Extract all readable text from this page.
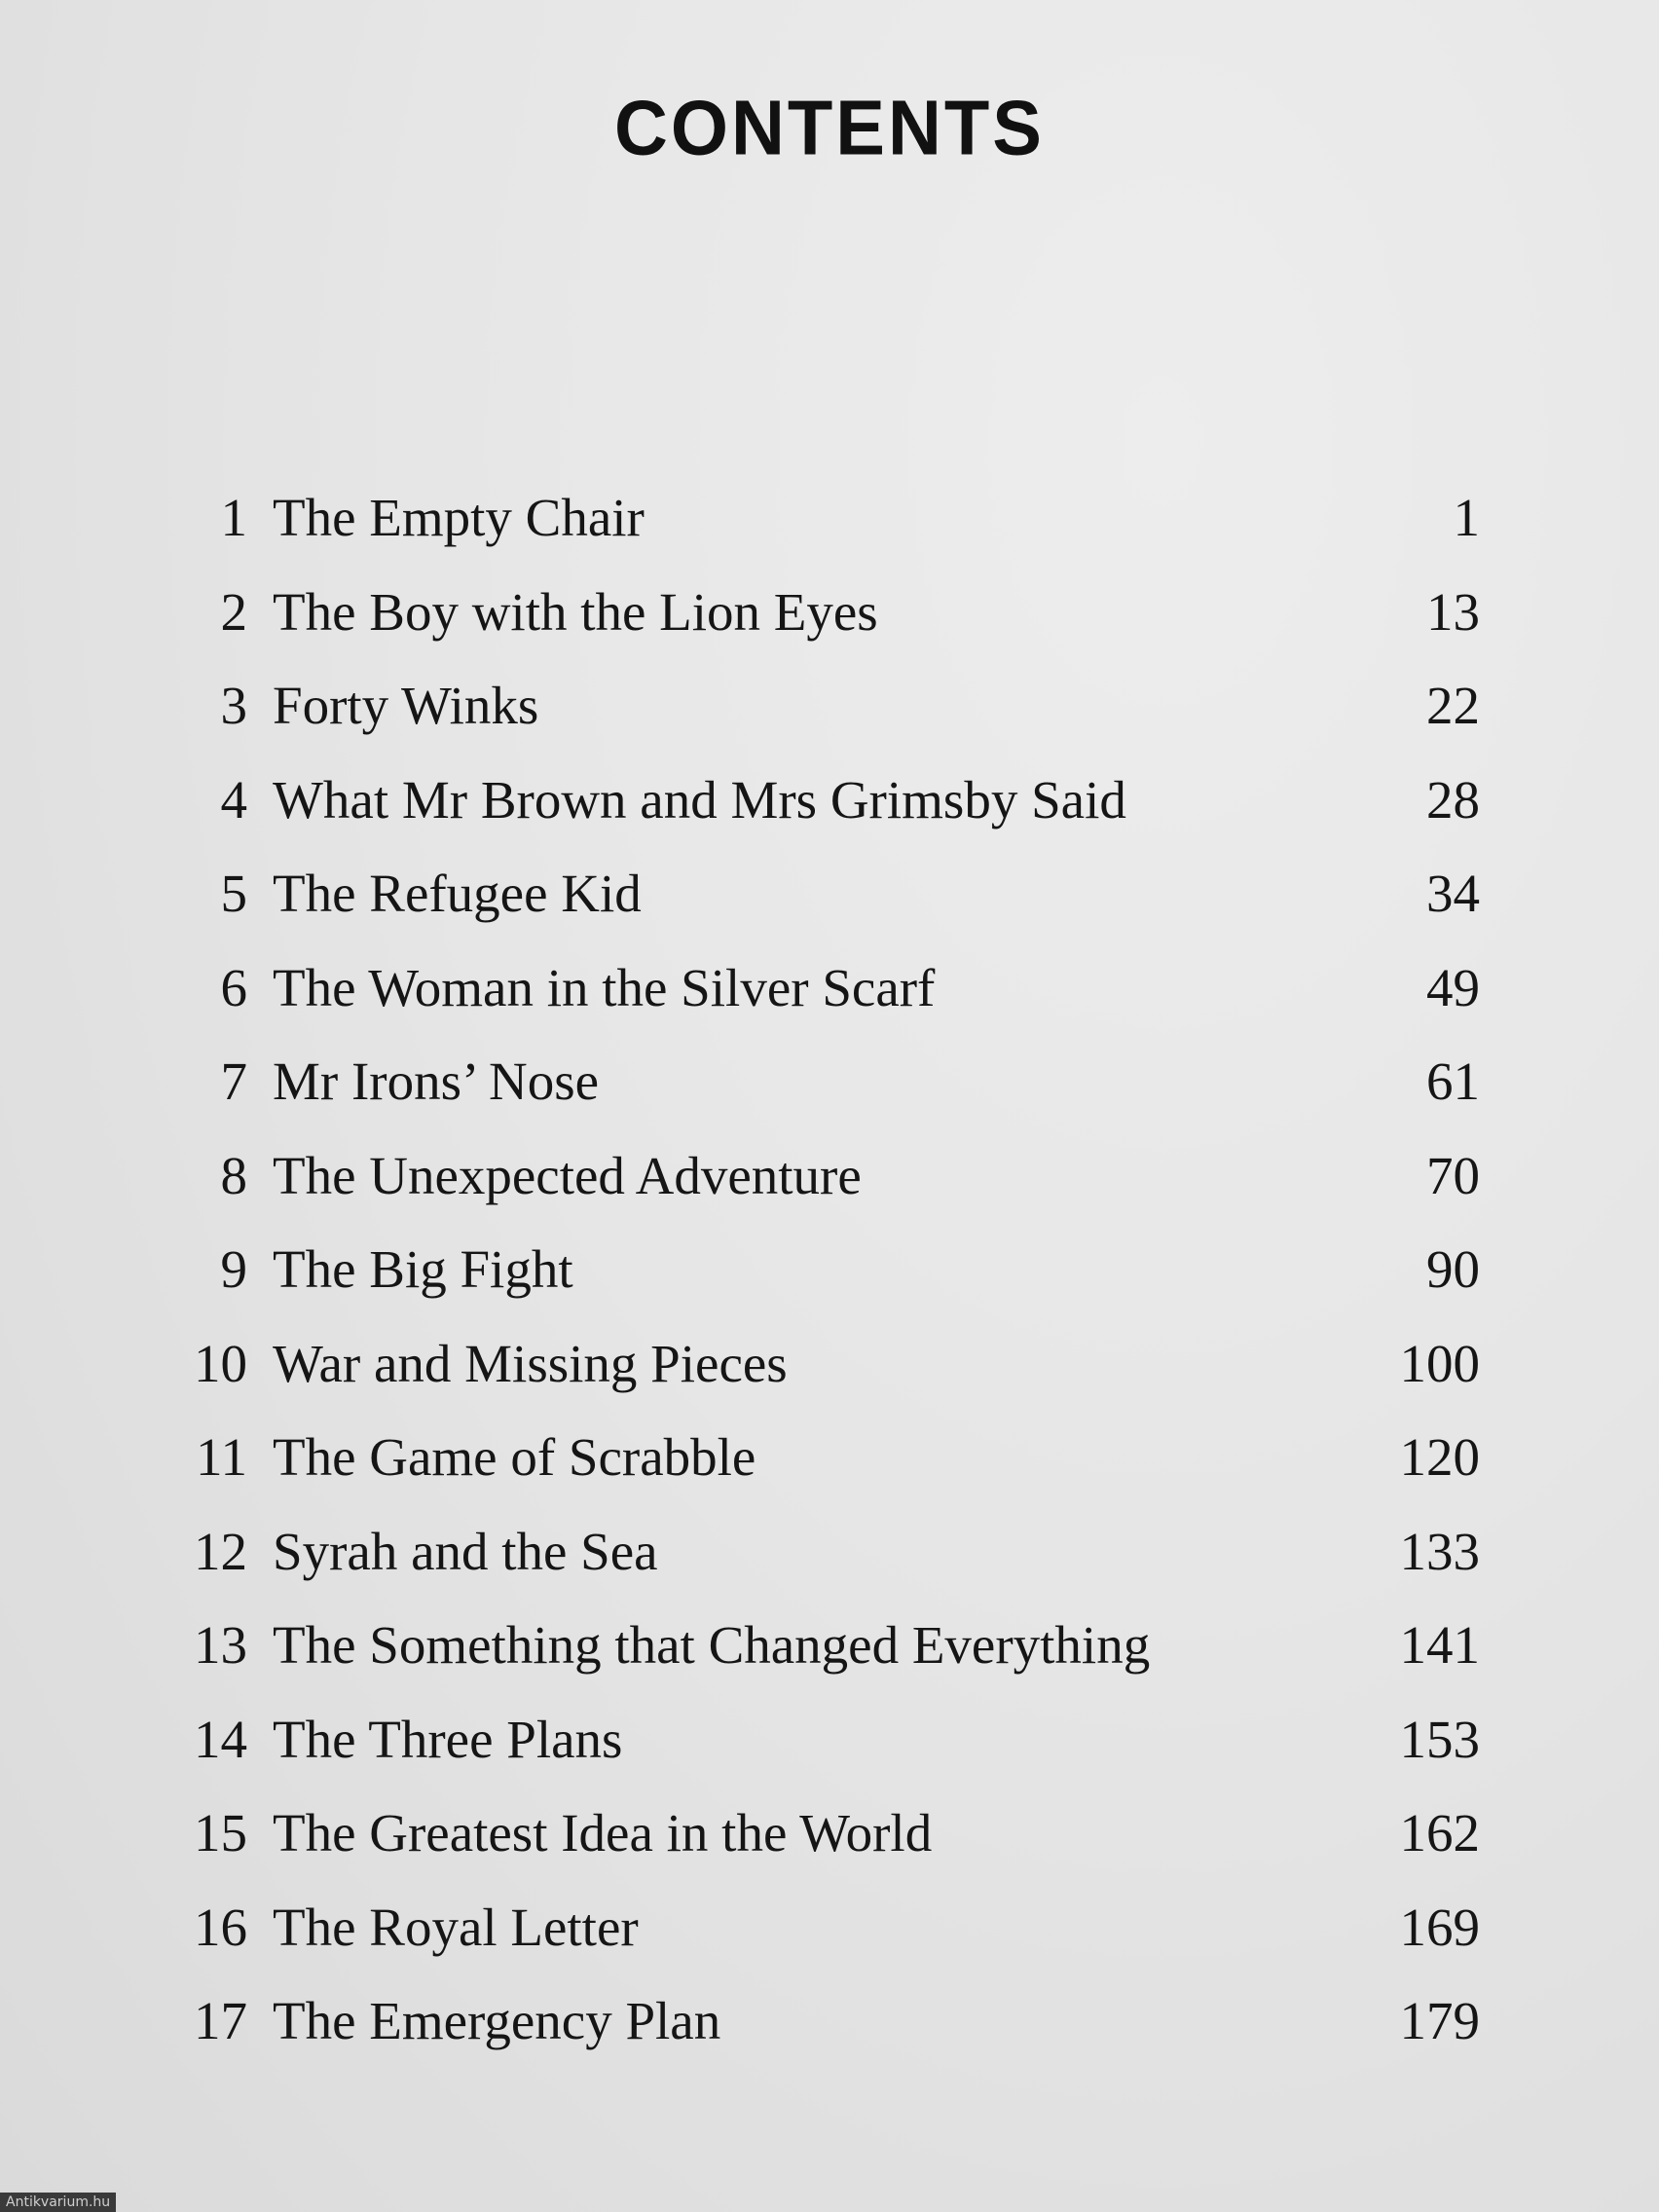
CONTENTS
1 The Empty Chair	1
2 The Boy with the Lion Eyes	13
3 Forty Winks	22
4 What Mr Brown and Mrs Grimsby Said	28
5 The Refugee Kid	34
6 The Woman in the Silver Scarf	49
7 Mr Irons’ Nose	61
8 The Unexpected Adventure	70
9 The Big Fight	90
10 War and Missing Pieces	100
11 The Game of Scrabble	120
12 Syrah and the Sea	133
13 The Something that Changed Everything	141
14 The Three Plans	153
15 The Greatest Idea in the World	162
16 The Royal Letter	169
17 The Emergency Plan	179
Antikvarium.hu
